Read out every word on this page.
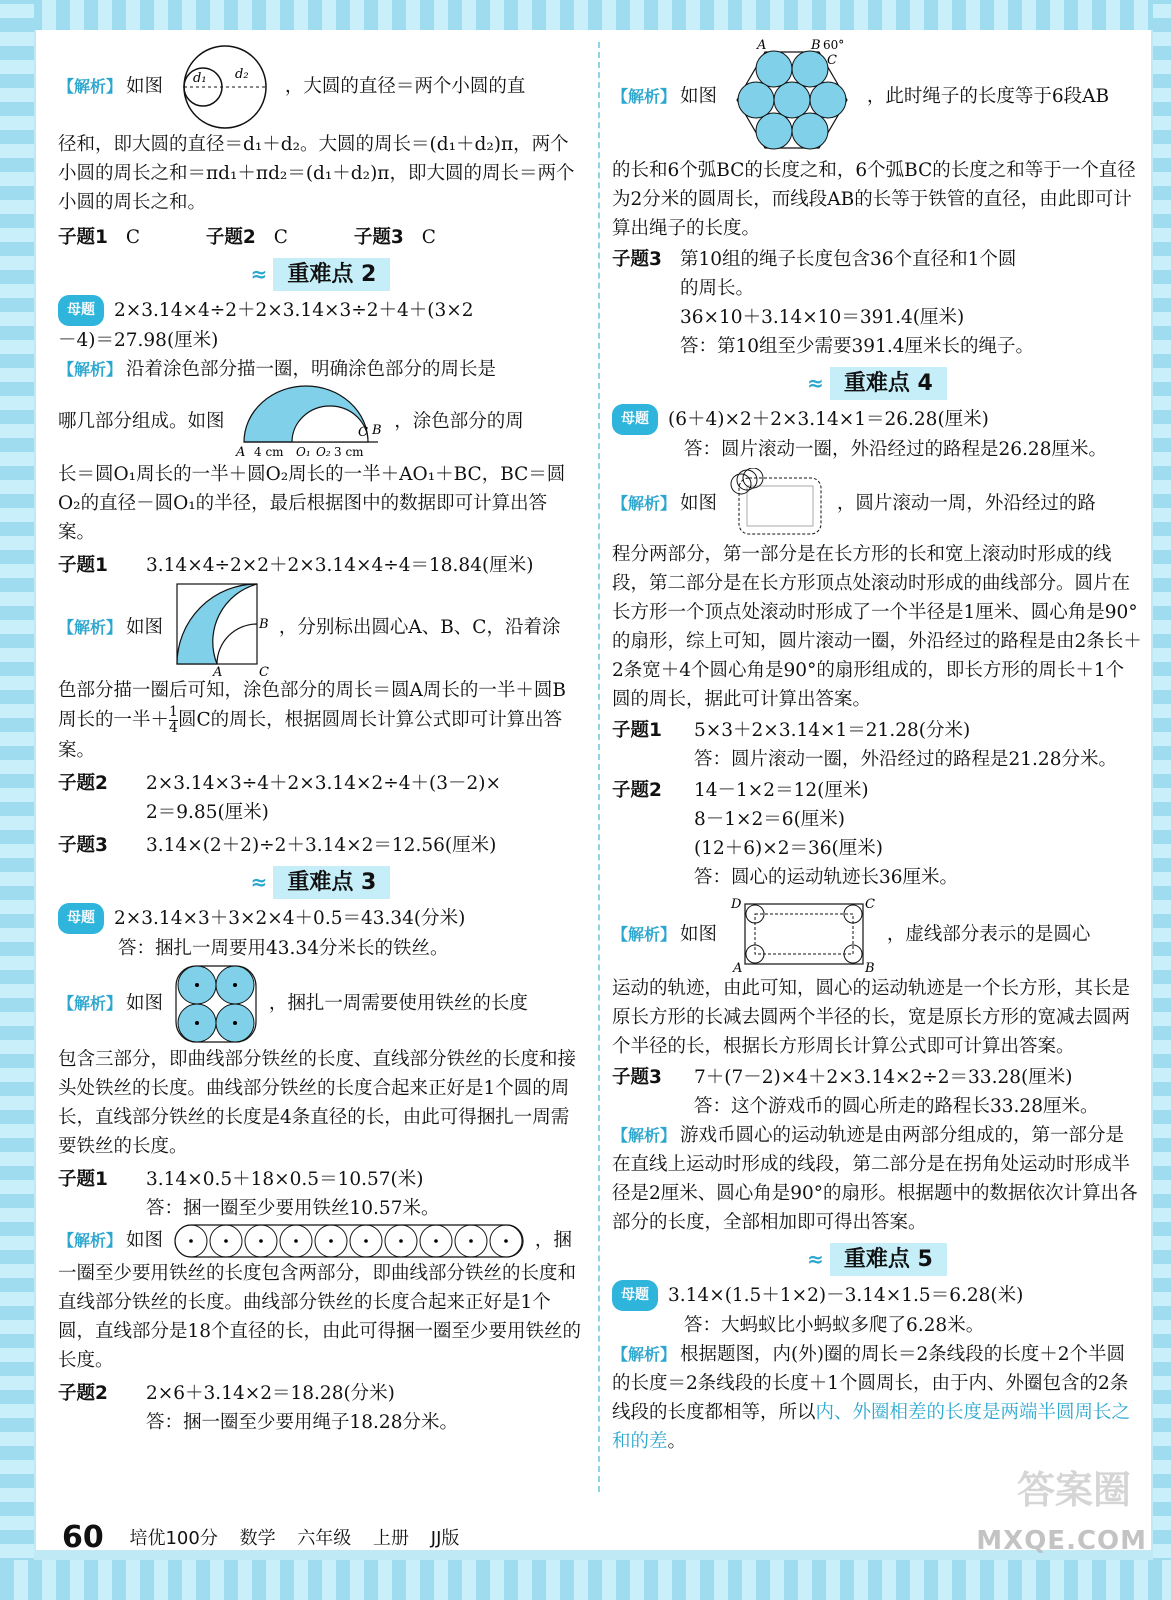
【 解析 】 如图 d₁ d₂
，大圆的直径＝两个小圆的直

径和，即大圆的直径＝d₁＋d₂。大圆的周长＝(d₁＋d₂)π，两个小圆的周长之和＝πd₁＋πd₂＝(d₁＋d₂)π，即大圆的周长＝两个小圆的周长之和。

子题1 C	子题2 C	子题3 C

≈ 重难点 2

母题 2×3.14×4÷2＋2×3.14×3÷2＋4＋(3×2

－4)＝27.98(厘米)

【 解析 】 沿着涂色部分描一圈，明确涂色部分的周长是

哪几部分组成。如图
A 4 cm O₁ O₂ 3 cm
C B ，涂色部分的周

长＝圆O₁周长的一半＋圆O₂周长的一半＋AO₁＋BC，BC＝圆O₂的直径－圆O₁的半径，最后根据图中的数据即可计算出答案。

子题1 3.14×4÷2×2＋2×3.14×4÷4＝18.84(厘米)

【 解析 】 如图	B
A	C
，分别标出圆心A、B、C，沿着涂

色部分描一圈后可知，涂色部分的周长＝圆A周长的一半＋圆B周长的一半＋ $\frac{1}{4}$ 圆C的周长，根据圆周长计算公式即可计算出答案。

子题2 2×3.14×3÷4＋2×3.14×2÷4＋(3－2)×

2＝9.85(厘米)

子题3 3.14×(2＋2)÷2＋3.14×2＝12.56(厘米)

≈ 重难点 3

母题 2×3.14×3＋3×2×4＋0.5＝43.34(分米)

答：捆扎一周要用43.34分米长的铁丝。

【 解析 】 如图	，捆扎一周需要使用铁丝的长度

包含三部分，即曲线部分铁丝的长度、直线部分铁丝的长度和接头处铁丝的长度。曲线部分铁丝的长度合起来正好是1个圆的周长，直线部分铁丝的长度是4条直径的长，由此可得捆扎一周需要铁丝的长度。

子题1 3.14×0.5＋18×0.5＝10.57(米)

答：捆一圈至少要用铁丝10.57米。

【 解析 】 如图	，捆

一圈至少要用铁丝的长度包含两部分，即曲线部分铁丝的长度和直线部分铁丝的长度。曲线部分铁丝的长度合起来正好是1个圆，直线部分是18个直径的长，由此可得捆一圈至少要用铁丝的长度。

子题2 2×6＋3.14×2＝18.28(分米)

答：捆一圈至少要用绳子18.28分米。

【 解析 】 如图
A	B 60°
C
，此时绳子的长度等于6段AB

的长和6个弧BC的长度之和，6个弧BC的长度之和等于一个直径为2分米的圆周长，而线段AB的长等于铁管的直径，由此即可计算出绳子的长度。

子题3 第10组的绳子长度包含36个直径和1个圆

的周长。

36×10＋3.14×10＝391.4(厘米)

答：第10组至少需要391.4厘米长的绳子。

≈ 重难点 4

母题 (6＋4)×2＋2×3.14×1＝26.28(厘米)

答：圆片滚动一圈，外沿经过的路程是26.28厘米。

【 解析 】 如图	，圆片滚动一周，外沿经过的路

程分两部分，第一部分是在长方形的长和宽上滚动时形成的线段，第二部分是在长方形顶点处滚动时形成的曲线部分。圆片在长方形一个顶点处滚动时形成了一个半径是1厘米、圆心角是90°的扇形，综上可知，圆片滚动一圈，外沿经过的路程是由2条长＋2条宽＋4个圆心角是90°的扇形组成的，即长方形的周长＋1个圆的周长，据此可计算出答案。

子题1 5×3＋2×3.14×1＝21.28(分米)

答：圆片滚动一圈，外沿经过的路程是21.28分米。

子题2 14－1×2＝12(厘米)

8－1×2＝6(厘米)

(12＋6)×2＝36(厘米)

答：圆心的运动轨迹长36厘米。

【 解析 】 如图
D	C
A	B
，虚线部分表示的是圆心

运动的轨迹，由此可知，圆心的运动轨迹是一个长方形，其长是原长方形的长减去圆两个半径的长，宽是原长方形的宽减去圆两个半径的长，根据长方形周长计算公式即可计算出答案。

子题3 7＋(7－2)×4＋2×3.14×2÷2＝33.28(厘米)

答：这个游戏币的圆心所走的路程长33.28厘米。

【 解析 】 游戏币圆心的运动轨迹是由两部分组成的，第一部分是在直线上运动时形成的线段，第二部分是在拐角处运动时形成半径是2厘米、圆心角是90°的扇形。根据题中的数据依次计算出各部分的长度，全部相加即可得出答案。

≈ 重难点 5

母题 3.14×(1.5＋1×2)－3.14×1.5＝6.28(米)

答：大蚂蚁比小蚂蚁多爬了6.28米。

【 解析 】 根据题图，内(外)圈的周长＝2条线段的长度＋2个半圆的长度＝2条线段的长度＋1个圆周长，由于内、外圈包含的2条线段的长度都相等，所以内、外圈相差的长度是两端半圆周长之和的差。

60 培优100分 数学 六年级 上册 JJ版
答案圈
MXQE.COM
